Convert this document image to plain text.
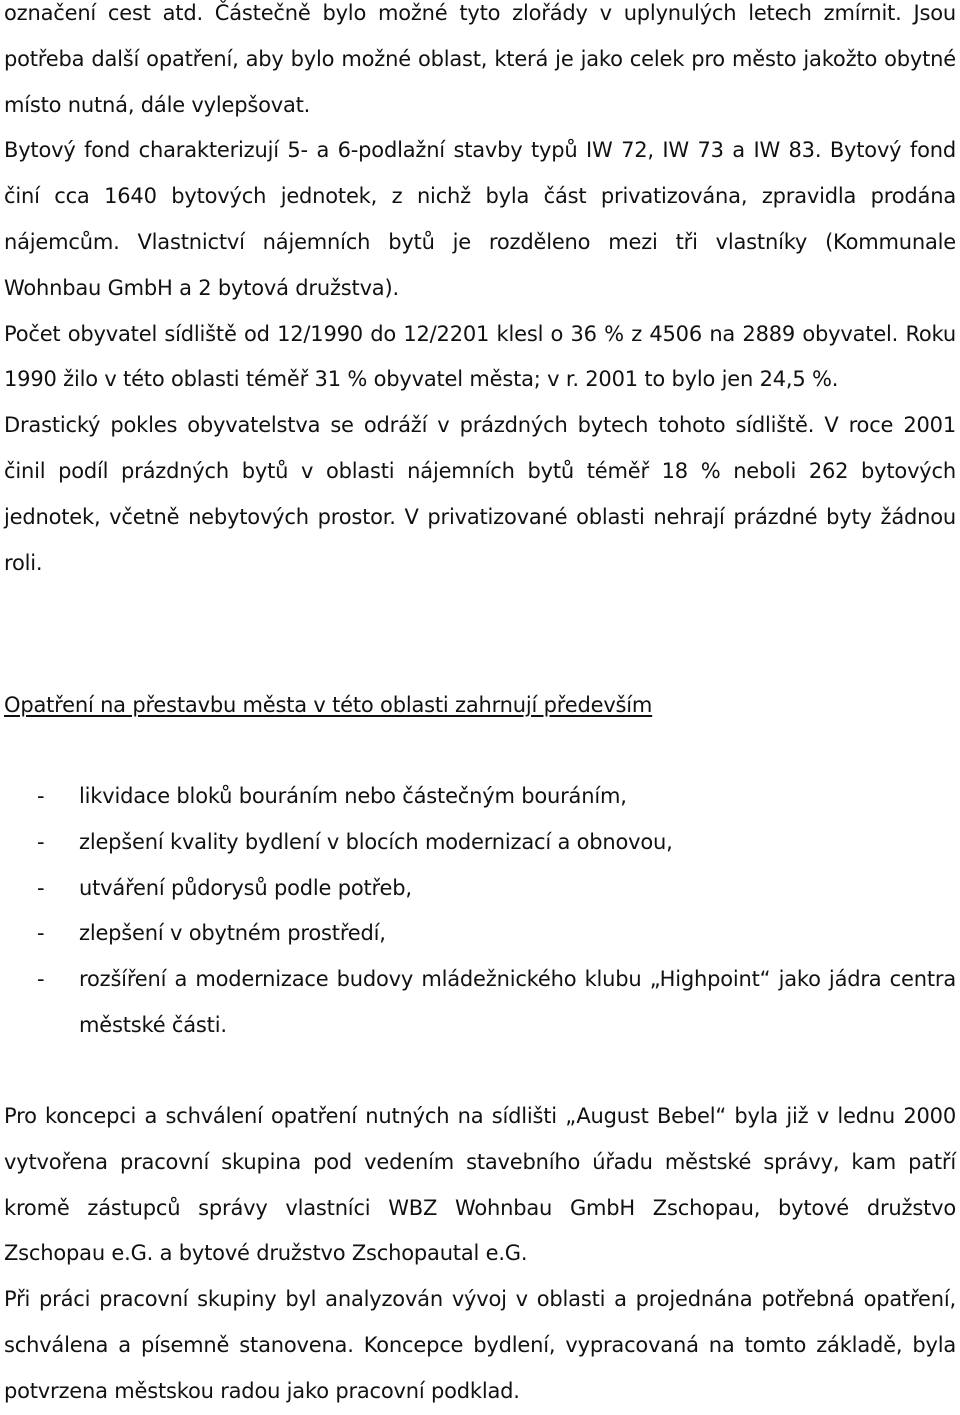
označení cest atd. Částečně bylo možné tyto zlořády v uplynulých letech zmírnit. Jsou potřeba další opatření, aby bylo možné oblast, která je jako celek pro město jakožto obytné místo nutná, dále vylepšovat.

Bytový fond charakterizují 5- a 6-podlažní stavby typů IW 72, IW 73 a IW 83. Bytový fond činí cca 1640 bytových jednotek, z nichž byla část privatizována, zpravidla prodána nájemcům. Vlastnictví nájemních bytů je rozděleno mezi tři vlastníky (Kommunale Wohnbau GmbH a 2 bytová družstva).

Počet obyvatel sídliště od 12/1990 do 12/2201 klesl o 36 % z 4506 na 2889 obyvatel. Roku 1990 žilo v této oblasti téměř 31 % obyvatel města; v r. 2001 to bylo jen 24,5 %.

Drastický pokles obyvatelstva se odráží v prázdných bytech tohoto sídliště. V roce 2001 činil podíl prázdných bytů v oblasti nájemních bytů téměř 18 % neboli 262 bytových jednotek, včetně nebytových prostor. V privatizované oblasti nehrají prázdné byty žádnou roli.

Opatření na přestavbu města v této oblasti zahrnují především
- likvidace bloků bouráním nebo částečným bouráním,
- zlepšení kvality bydlení v blocích modernizací a obnovou,
- utváření půdorysů podle potřeb,
- zlepšení v obytném prostředí,
- rozšíření a modernizace budovy mládežnického klubu „Highpoint“ jako jádra centra městské části.

Pro koncepci a schválení opatření nutných na sídlišti „August Bebel“ byla již v lednu 2000 vytvořena pracovní skupina pod vedením stavebního úřadu městské správy, kam patří kromě zástupců správy vlastníci WBZ Wohnbau GmbH Zschopau, bytové družstvo Zschopau e.G. a bytové družstvo Zschopautal e.G.

Při práci pracovní skupiny byl analyzován vývoj v oblasti a projednána potřebná opatření, schválena a písemně stanovena. Koncepce bydlení, vypracovaná na tomto základě, byla potvrzena městskou radou jako pracovní podklad.
